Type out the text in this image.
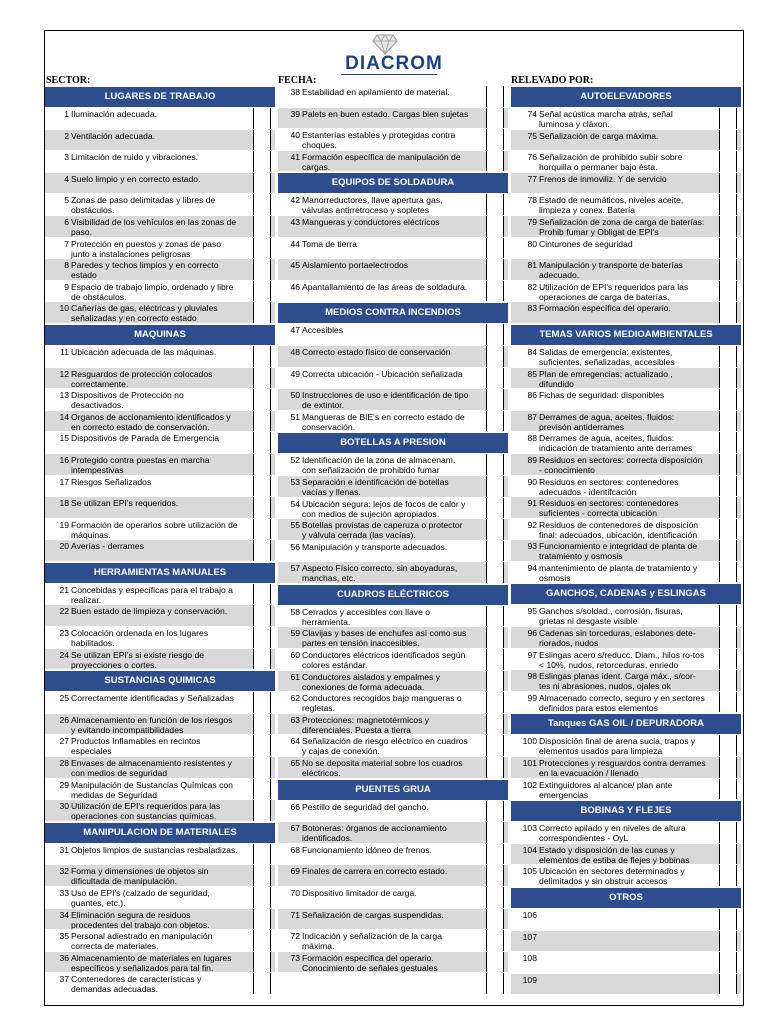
DIACROM
SECTOR:	FECHA:	RELEVADO POR:
LUGARES DE TRABAJO
1 Iluminación adecuada.
2 Ventilación adecuada.
3 Limitación de ruido y vibraciones.
4 Suelo limpio y en correcto estado.
5 Zonas de paso delimitadas y libres de
obstáculos.
6 Visibilidad de los vehículos en las zonas de
paso.
7 Protección en puestos y zonas de paso
junto a instalaciones peligrosas
8 Paredes y techos limpios y en correcto
estado
9 Espacio de trabajo limpio, ordenado y libre
de obstáculos.
10 Cañerías de gas, eléctricas y pluviales
señalizadas y en correcto estado
MAQUINAS
11 Ubicación adecuada de las máquinas.
12 Resguardos de protección colocados
correctamente.
13 Dispositivos de Protección no
desactivados.
14 Organos de accionamiento identificados y
en correcto estado de conservación.
15 Dispositivos de Parada de Emergencia
16 Protegido contra puestas en marcha
intempestivas
17 Riesgos Señalizados
18 Se utilizan EPI's requeridos.
19 Formación de operarios sobre utilización de
máquinas.
20 Averías - derrames
HERRAMIENTAS MANUALES
21 Concebidas y específicas para el trabajo a
realizar.
22 Buen estado de limpieza y conservación.
23 Colocación ordenada en los lugares
habilitados.
24 Se utilizan EPI's si existe riesgo de
proyecciones o cortes.
SUSTANCIAS QUIMICAS
25 Correctamente identificadas y Señalizadas
26 Almacenamiento en función de los riesgos
y evitando incompatibilidades
27 Productos Inflamables en recintos
especiales
28 Envases de almacenamiento resistentes y
con medios de seguridad
29 Manipulación de Sustancias Químicas con
medidas de Seguridad
30 Utilización de EPI's requeridos para las
operaciones con sustancias químicas.
MANIPULACION DE MATERIALES
31 Objetos limpios de sustancias resbaladizas.
32 Forma y dimensiones de objetos sin
dificultada de manipulación.
33 Uso de EPI's (calzado de seguridad,
guantes, etc.).
34 Eliminación segura de residuos
procedentes del trabajo con objetos.
35 Personal adiestrado en manipulación
correcta de materiales.
36 Almacenamiento de materiales en lugares
específicos y señalizados para tal fin.
37 Contenedores de características y
demandas adecuadas.
38 Estabilidad en apilamiento de material.
39 Palets en buen estado. Cargas bien sujetas
40 Estanterías estables y protegidas contra
choques.
41 Formación específica de manipulación de
cargas.
EQUIPOS DE SOLDADURA
42 Manorreductores, llave apertura gas,
válvulas antirretroceso y sopletes
43 Mangueras y conductores eléctricos
44 Toma de tierra
45 Aislamiento portaelectrodos
46 Apantallamiento de las áreas de soldadura.
MEDIOS CONTRA INCENDIOS
47 Accesibles
48 Correcto estado físico de conservación
49 Correcta ubicación - Ubicación señalizada
50 Instrucciones de uso e identificación de tipo
de extintor.
51 Mangueras de BIE's en correcto estado de
conservación.
BOTELLAS A PRESION
52 Identificación de la zona de almacenam.
con señalización de prohibido fumar
53 Separación e identificación de botellas
vacías y llenas.
54 Ubicación segura: lejos de focos de calor y
con medios de sujeción apropiados.
55 Botellas provistas de caperuza o protector
y válvula cerrada (las vacías).
56 Manipulación y transporte adecuados.
57 Aspecto Físico correcto, sin aboyaduras,
manchas, etc.
CUADROS ELÉCTRICOS
58 Cerrados y accesibles con llave o
herramienta.
59 Clavijas y bases de enchufes así como sus
partes en tensión inaccesibles.
60 Conductores eléctricos identificados según
colores estándar.
61 Conductores aislados y empalmes y
conexiones de forma adecuada.
62 Conductores recogidos bajo mangueras o
regletas.
63 Protecciones: magnetotérmicos y
diferenciales. Puesta a tierra
64 Señalización de riesgo eléctrico en cuadros
y cajas de conexión.
65 No se deposita material sobre los cuadros
eléctricos.
PUENTES GRUA
66 Pestillo de seguridad del gancho.
67 Botoneras: órganos de accionamiento
identificados.
68 Funcionamiento idóneo de frenos.
69 Finales de carrera en correcto estado.
70 Dispositivo limitador de carga.
71 Señalización de cargas suspendidas.
72 Indicación y señalización de la carga
máxima.
73 Formación específica del operario.
Conocimiento de señales gestuales
AUTOELEVADORES
74 Señal acústica marcha atrás, señal
luminosa y cláxon.
75 Señalización de carga máxima.
76 Señalización de prohibido subir sobre
horquilla o permaner bajo ésta.
77 Frenos de inmoviliz. Y de servicio
78 Estado de neumáticos, niveles aceite,
limpieza y conex. Batería
79 Señalización de zona de carga de baterías:
Prohib fumar y Obligat de EPI's
80 Cinturones de seguridad
81 Manipulación y transporte de baterías
adecuado.
82 Utilización de EPI's requeridos para las
operaciones de carga de baterías.
83 Formación específica del operario.
TEMAS VARIOS MEDIOAMBIENTALES
84 Salidas de emergencia: existentes,
suficientes, señalizadas, accesibles
85 Plan de emregencias: actualizado ,
difundido
86 Fichas de seguridad: disponibles
87 Derrames de agua, aceites, fluidos:
previsón antiderrames
88 Derrames de agua, aceites, fluidos:
indicación de tratamiento ante derrames
89 Residuos en sectores: correcta disposición
- conocimiento
90 Residuos en sectores: contenedores
adecuados - identifcación
91 Residuos en sectores: contenedores
suficientes - correcta ubicación
92 Residuos de contenedores de disposición
final: adecuados, ubicación, identificación
93 Funcionamiento e integridad de planta de
tratamiento y osmosis
94 mantenimiento de planta de tratamiento y
osmosis
GANCHOS, CADENAS y ESLINGAS
95 Ganchos s/soldad., corrosión, fisuras,
grietas ni desgaste visible
96 Cadenas sin torceduras, eslabones dete-
riorados, nudos
97 Eslingas acero s/reducc. Diam., hilos ro-tos
< 10%, nudos, retorceduras, enriedo
98 Eslingas planas ident. Carga máx., s/cor-
tes ni abrasiones, nudos, ojales ok
99 Almacenado correcto, seguro y en sectores
definidos para estos elementos
Tanques GAS OIL / DEPURADORA
100 Disposición final de arena sucia, trapos y
elementos usados para limpieza
101 Protecciones y resguardos contra derrames
en la evacuación / llenado
102 Extinguidores al alcance/ plan ante
emergencias
BOBINAS Y FLEJES
103 Correcto apilado y en niveles de altura
correspondientes - OyL
104 Estado y disposición de las cunas y
elementos de estiba de flejes y bobinas
105 Ubicación en sectores determinados y
delimitados y sin obstruir accesos
OTROS
106
107
108
109
